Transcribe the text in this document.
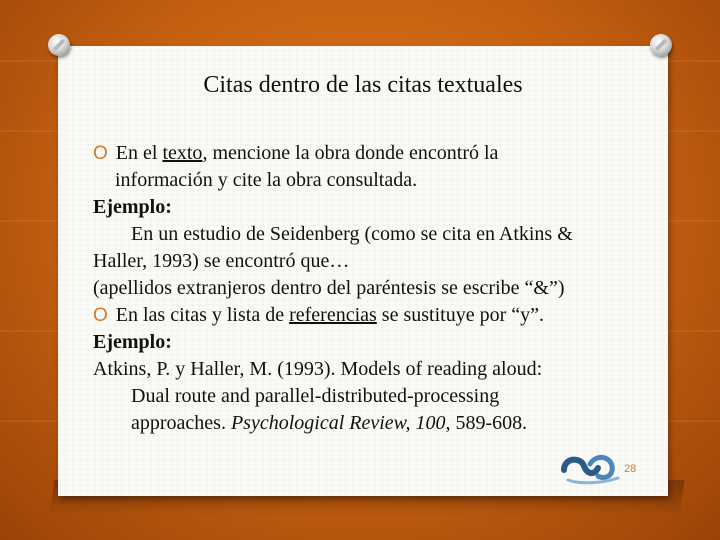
Citas dentro de las citas textuales
O En el texto, mencione la obra donde encontró la
información y cite la obra consultada.
Ejemplo:
En un estudio de Seidenberg (como se cita en Atkins &
Haller, 1993) se encontró que…
(apellidos extranjeros dentro del paréntesis se escribe “&”)
O En las citas y lista de referencias se sustituye por “y”.
Ejemplo:
Atkins, P. y Haller, M. (1993). Models of reading aloud:
Dual route and parallel-distributed-processing
approaches. Psychological Review, 100, 589-608.
28
